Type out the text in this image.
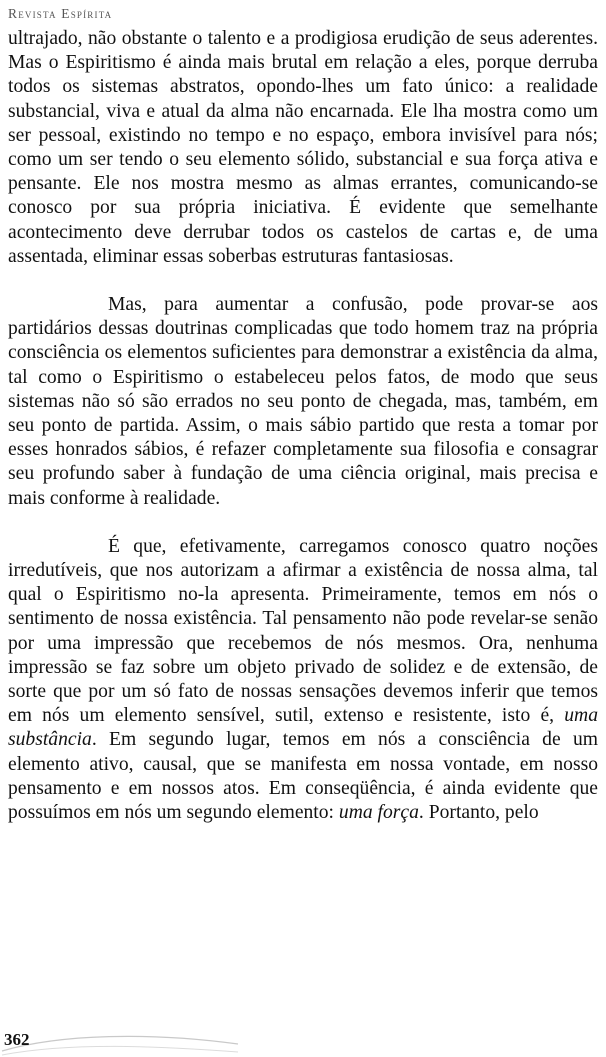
Revista Espírita

ultrajado, não obstante o talento e a prodigiosa erudição de seus aderentes. Mas o Espiritismo é ainda mais brutal em relação a eles, porque derruba todos os sistemas abstratos, opondo-lhes um fato único: a realidade substancial, viva e atual da alma não encarnada. Ele lha mostra como um ser pessoal, existindo no tempo e no espaço, embora invisível para nós; como um ser tendo o seu elemento sólido, substancial e sua força ativa e pensante. Ele nos mostra mesmo as almas errantes, comunicando-se conosco por sua própria iniciativa. É evidente que semelhante acontecimento deve derrubar todos os castelos de cartas e, de uma assentada, eliminar essas soberbas estruturas fantasiosas.

Mas, para aumentar a confusão, pode provar-se aos partidários dessas doutrinas complicadas que todo homem traz na própria consciência os elementos suficientes para demonstrar a existência da alma, tal como o Espiritismo o estabeleceu pelos fatos, de modo que seus sistemas não só são errados no seu ponto de chegada, mas, também, em seu ponto de partida. Assim, o mais sábio partido que resta a tomar por esses honrados sábios, é refazer completamente sua filosofia e consagrar seu profundo saber à fundação de uma ciência original, mais precisa e mais conforme à realidade.

É que, efetivamente, carregamos conosco quatro noções irredutíveis, que nos autorizam a afirmar a existência de nossa alma, tal qual o Espiritismo no-la apresenta. Primeiramente, temos em nós o sentimento de nossa existência. Tal pensamento não pode revelar-se senão por uma impressão que recebemos de nós mesmos. Ora, nenhuma impressão se faz sobre um objeto privado de solidez e de extensão, de sorte que por um só fato de nossas sensações devemos inferir que temos em nós um elemento sensível, sutil, extenso e resistente, isto é, uma substância. Em segundo lugar, temos em nós a consciência de um elemento ativo, causal, que se manifesta em nossa vontade, em nosso pensamento e em nossos atos. Em conseqüência, é ainda evidente que possuímos em nós um segundo elemento: uma força. Portanto, pelo

362
